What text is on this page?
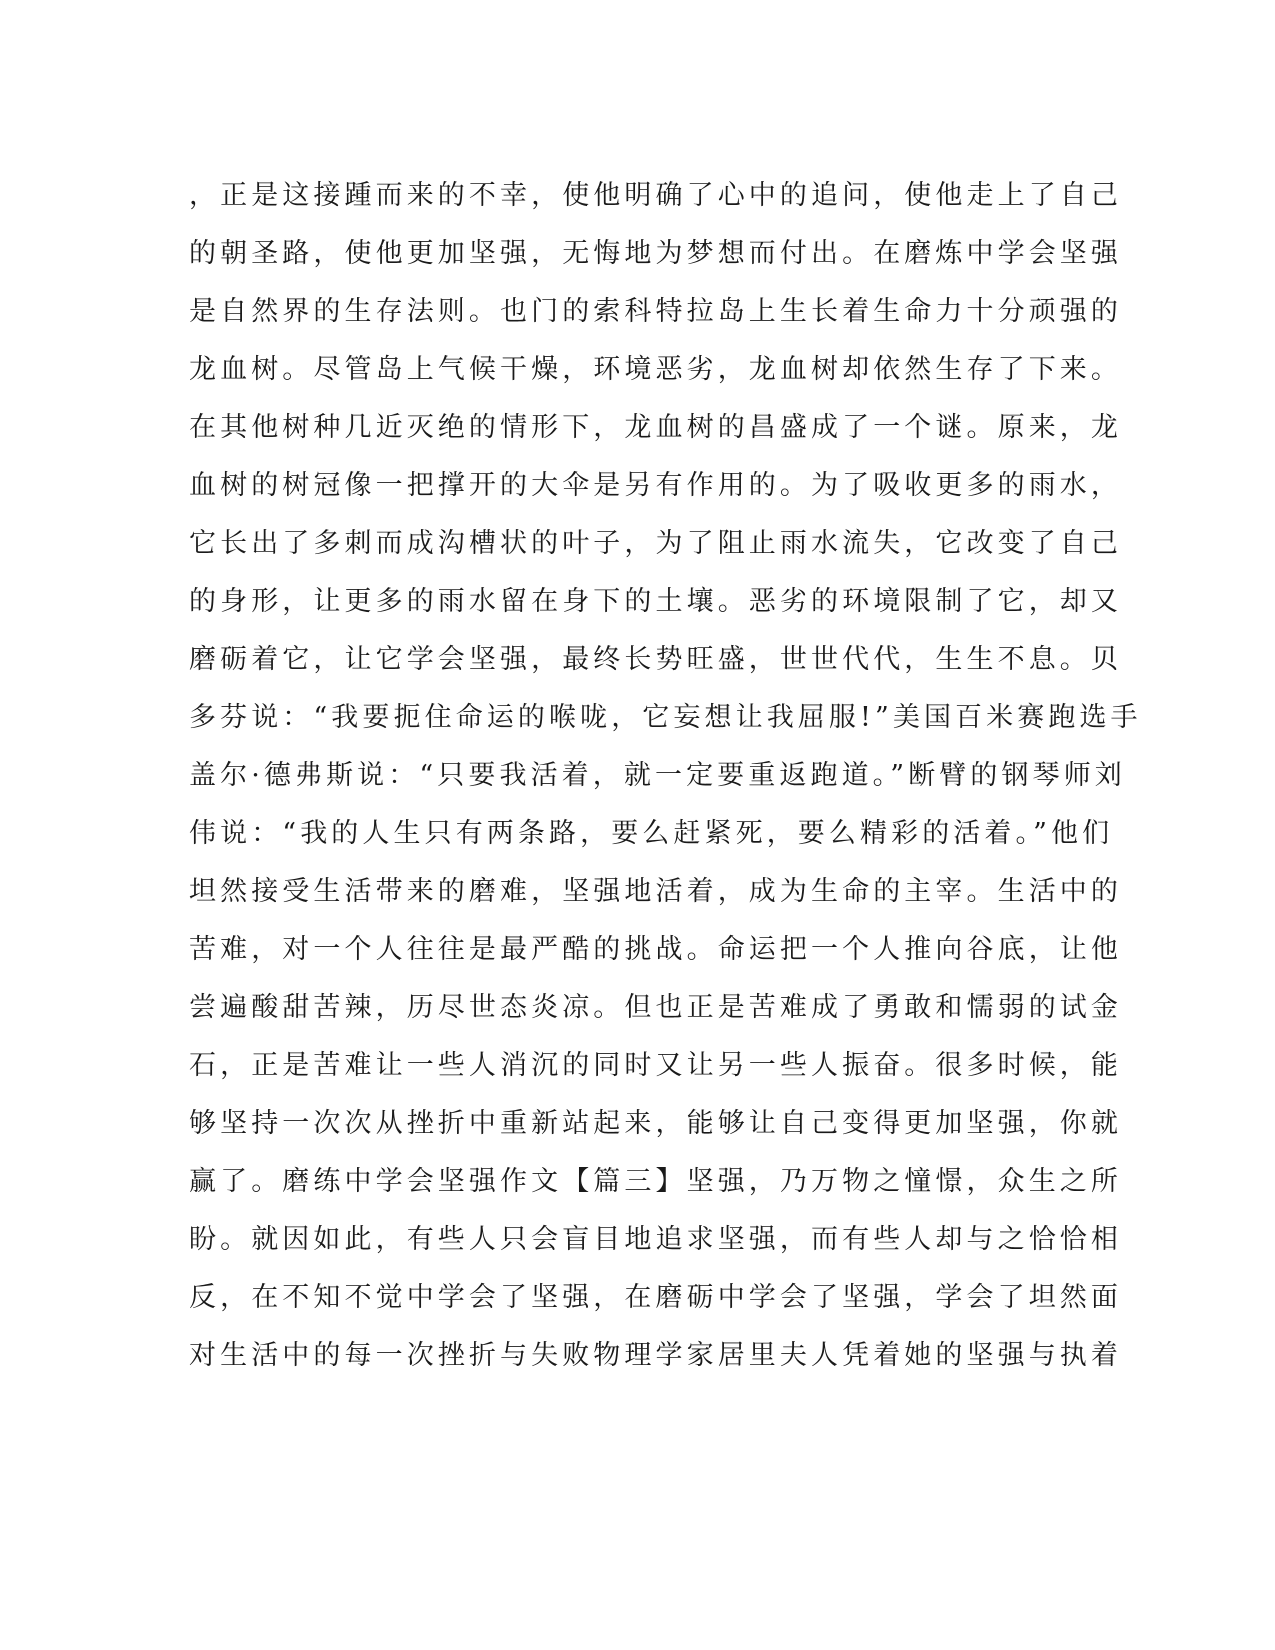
，正是这接踵而来的不幸，使他明确了心中的追问，使他走上了自己
的朝圣路，使他更加坚强，无悔地为梦想而付出。在磨炼中学会坚强
是自然界的生存法则。也门的索科特拉岛上生长着生命力十分顽强的
龙血树。尽管岛上气候干燥，环境恶劣，龙血树却依然生存了下来。
在其他树种几近灭绝的情形下，龙血树的昌盛成了一个谜。原来，龙
血树的树冠像一把撑开的大伞是另有作用的。为了吸收更多的雨水，
它长出了多刺而成沟槽状的叶子，为了阻止雨水流失，它改变了自己
的身形，让更多的雨水留在身下的土壤。恶劣的环境限制了它，却又
磨砺着它，让它学会坚强，最终长势旺盛，世世代代，生生不息。贝
多芬说：“我要扼住命运的喉咙，它妄想让我屈服!”美国百米赛跑选手
盖尔·德弗斯说：“只要我活着，就一定要重返跑道。”断臂的钢琴师刘
伟说：“我的人生只有两条路，要么赶紧死，要么精彩的活着。”他们
坦然接受生活带来的磨难，坚强地活着，成为生命的主宰。生活中的
苦难，对一个人往往是最严酷的挑战。命运把一个人推向谷底，让他
尝遍酸甜苦辣，历尽世态炎凉。但也正是苦难成了勇敢和懦弱的试金
石，正是苦难让一些人消沉的同时又让另一些人振奋。很多时候，能
够坚持一次次从挫折中重新站起来，能够让自己变得更加坚强，你就
赢了。磨练中学会坚强作文【篇三】坚强，乃万物之憧憬，众生之所
盼。就因如此，有些人只会盲目地追求坚强，而有些人却与之恰恰相
反，在不知不觉中学会了坚强，在磨砺中学会了坚强，学会了坦然面
对生活中的每一次挫折与失败物理学家居里夫人凭着她的坚强与执着
